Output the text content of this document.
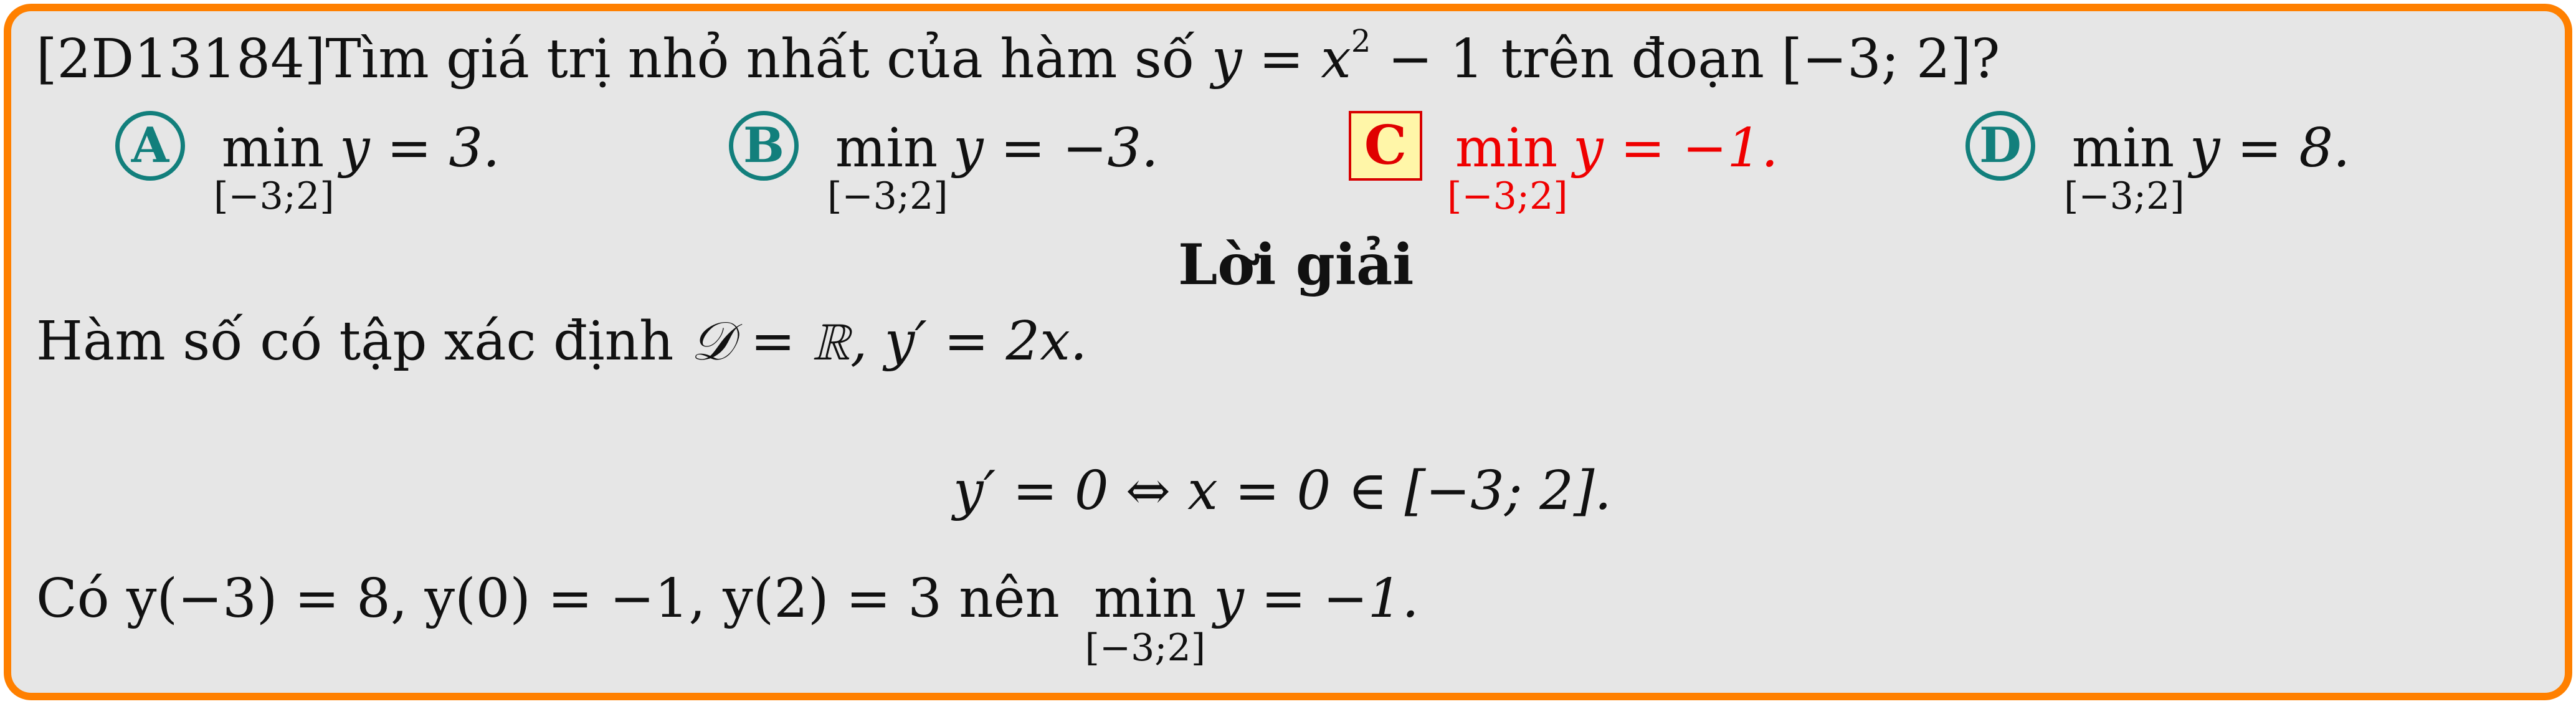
[2D13184]Tìm giá trị nhỏ nhất của hàm số $y = x^2 - 1$ trên đoạn [−3; 2]?
A min
[−3;2]
y = 3.	B min
[−3;2]
y = −3.	C min
[−3;2]
y = −1.	D min
[−3;2]
y = 8.
Lời giải
Hàm số có tập xác định 𝒟 = ℝ, y′ = 2x.
y′ = 0 ⇔ x = 0 ∈ [−3; 2].
Có y(−3) = 8, y(0) = −1, y(2) = 3 nên min
[−3;2]
y = −1.
